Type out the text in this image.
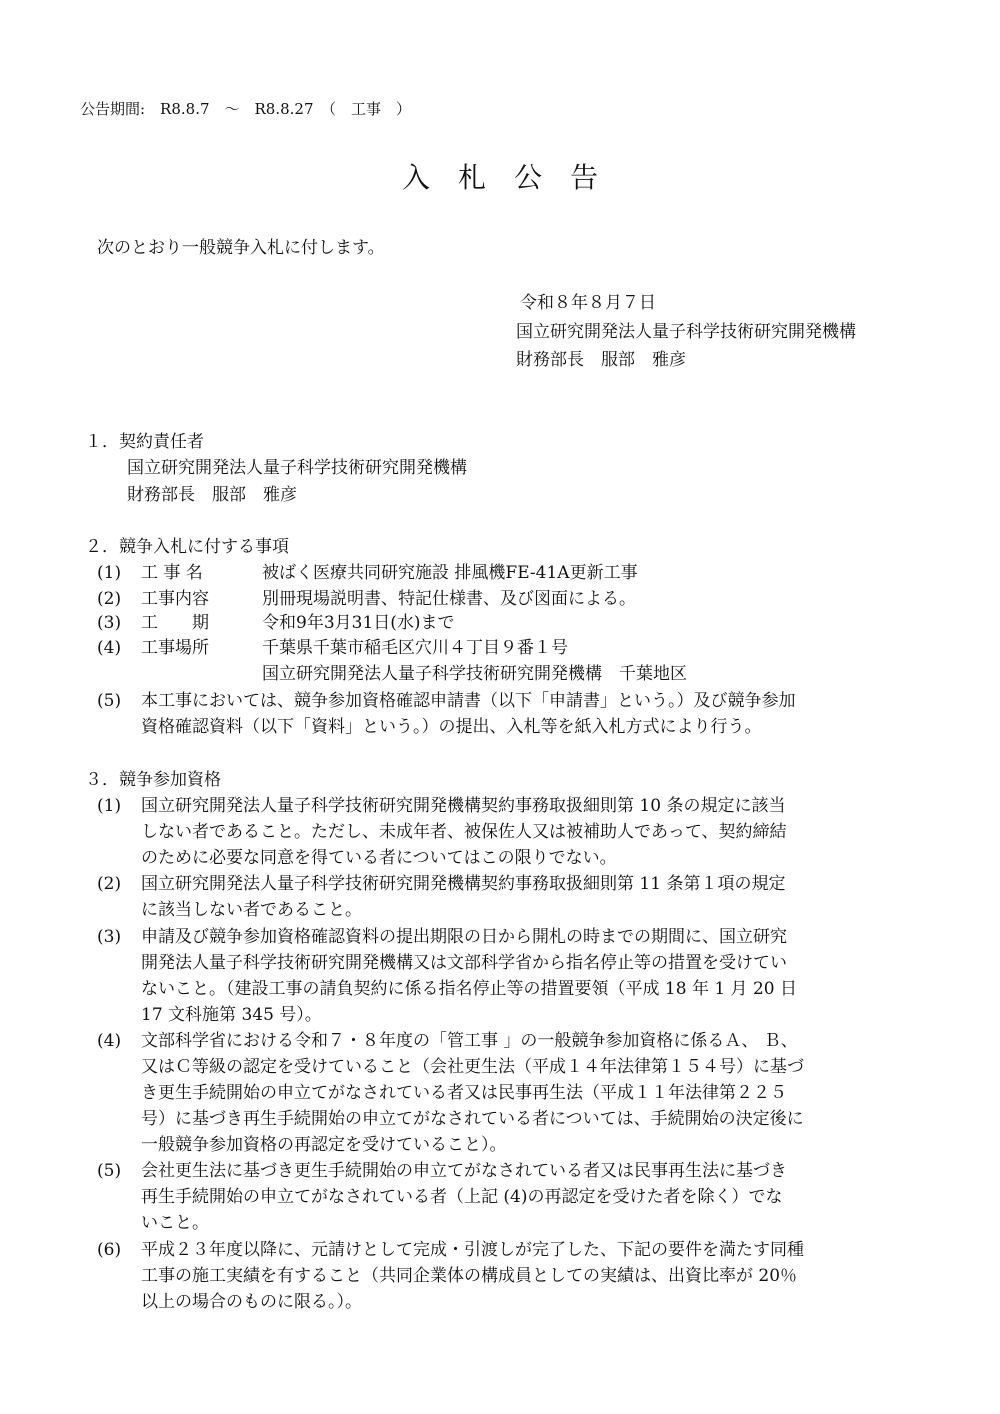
公告期間:　R8.8.7　～　R8.8.27　（　工事　）
入札公告
次のとおり一般競争入札に付します。
令和８年８月７日
国立研究開発法人量子科学技術研究開発機構
財務部長　服部　雅彦
１．契約責任者
国立研究開発法人量子科学技術研究開発機構
財務部長　服部　雅彦
２．競争入札に付する事項
(1) 工 事 名	被ばく医療共同研究施設 排風機FE-41A更新工事
(2) 工事内容	別冊現場説明書、特記仕様書、及び図面による。
(3) 工　　期	令和9年3月31日(水)まで
(4) 工事場所	千葉県千葉市稲毛区穴川４丁目９番１号
国立研究開発法人量子科学技術研究開発機構　千葉地区
(5) 本工事においては、競争参加資格確認申請書（以下「申請書」という。）及び競争参加
資格確認資料（以下「資料」という。）の提出、入札等を紙入札方式により行う。
３．競争参加資格
(1) 国立研究開発法人量子科学技術研究開発機構契約事務取扱細則第 10 条の規定に該当
しない者であること。ただし、未成年者、被保佐人又は被補助人であって、契約締結
のために必要な同意を得ている者についてはこの限りでない。
(2) 国立研究開発法人量子科学技術研究開発機構契約事務取扱細則第 11 条第１項の規定
に該当しない者であること。
(3) 申請及び競争参加資格確認資料の提出期限の日から開札の時までの期間に、国立研究
開発法人量子科学技術研究開発機構又は文部科学省から指名停止等の措置を受けてい
ないこと。（建設工事の請負契約に係る指名停止等の措置要領（平成 18 年 1 月 20 日
17 文科施第 345 号）。
(4) 文部科学省における令和７・８年度の「管工事 」の一般競争参加資格に係るＡ、 Ｂ、
又はＣ等級の認定を受けていること（会社更生法（平成１４年法律第１５４号）に基づ
き更生手続開始の申立てがなされている者又は民事再生法（平成１１年法律第２２５
号）に基づき再生手続開始の申立てがなされている者については、手続開始の決定後に
一般競争参加資格の再認定を受けていること）。
(5) 会社更生法に基づき更生手続開始の申立てがなされている者又は民事再生法に基づき
再生手続開始の申立てがなされている者（上記 (4)の再認定を受けた者を除く）でな
いこと。
(6) 平成２３年度以降に、元請けとして完成・引渡しが完了した、下記の要件を満たす同種
工事の施工実績を有すること（共同企業体の構成員としての実績は、出資比率が 20％
以上の場合のものに限る。）。
